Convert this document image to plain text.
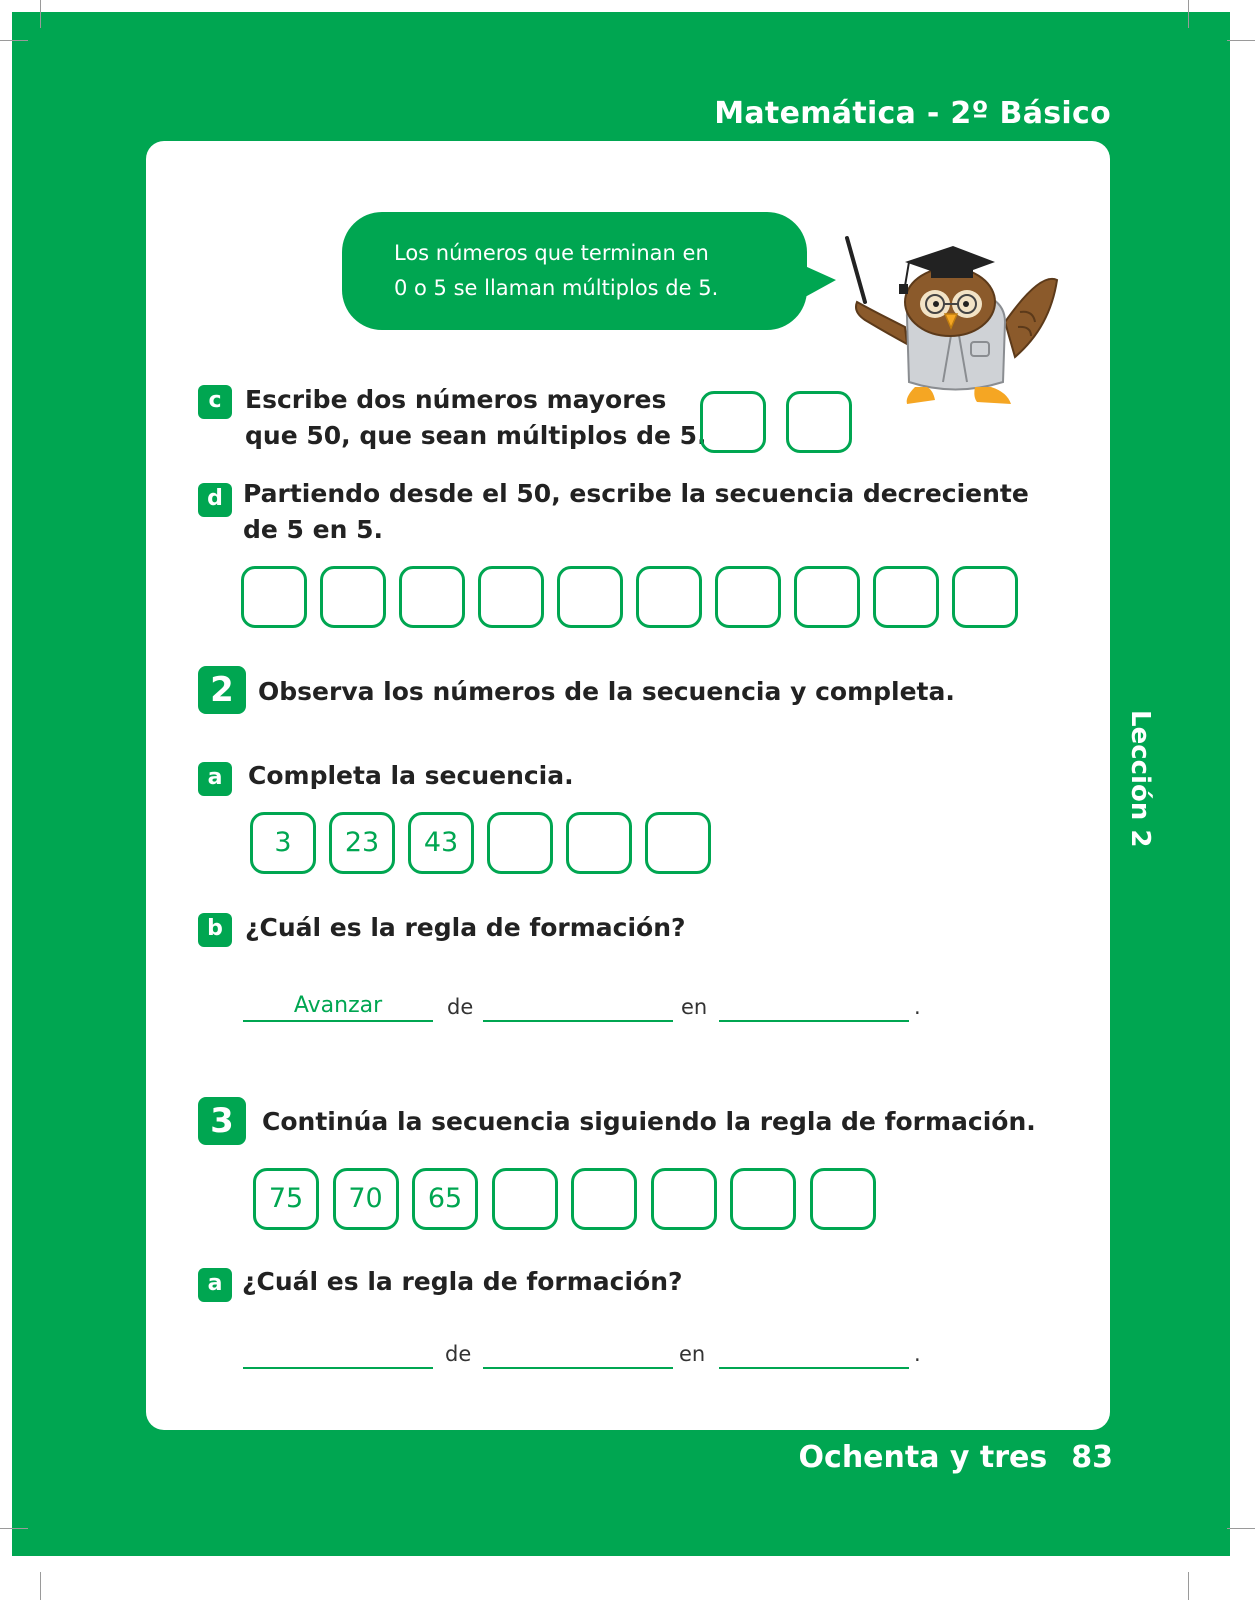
Matemática - 2º Básico
Lección 2
Ochenta y tres 83
Los números que terminan en
0 o 5 se llaman múltiplos de 5.
c Escribe dos números mayores
que 50, que sean múltiplos de 5.
d Partiendo desde el 50, escribe la secuencia decreciente
de 5 en 5.
2 Observa los números de la secuencia y completa.
a	Completa la secuencia.
3	23	43
b ¿Cuál es la regla de formación?
Avanzar	de	en	.
3	Continúa la secuencia siguiendo la regla de formación.
75	70	65
a ¿Cuál es la regla de formación?
de	en	.
